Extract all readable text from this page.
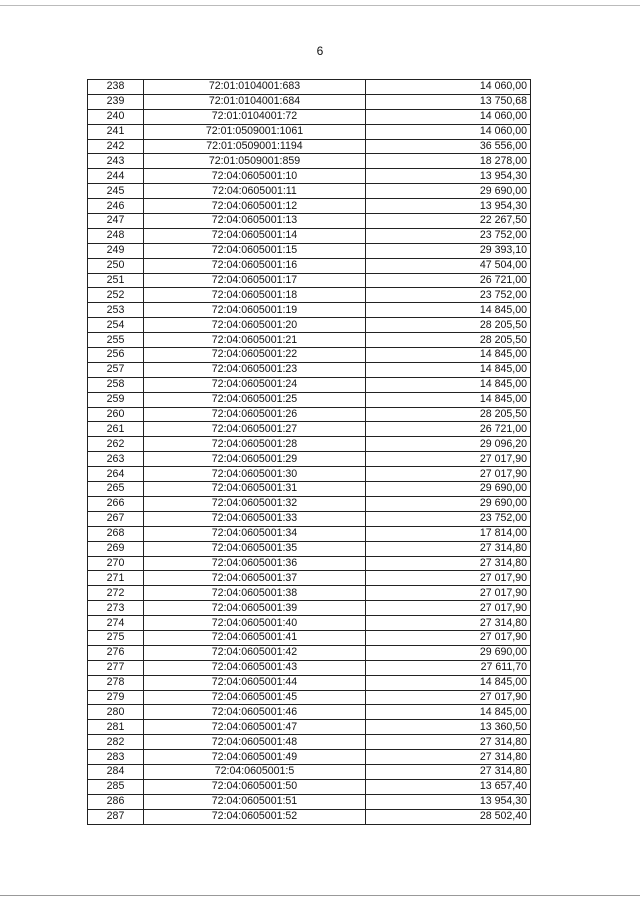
6
238	72:01:0104001:683	14 060,00
239	72:01:0104001:684	13 750,68
240	72:01:0104001:72	14 060,00
241	72:01:0509001:1061	14 060,00
242	72:01:0509001:1194	36 556,00
243	72:01:0509001:859	18 278,00
244	72:04:0605001:10	13 954,30
245	72:04:0605001:11	29 690,00
246	72:04:0605001:12	13 954,30
247	72:04:0605001:13	22 267,50
248	72:04:0605001:14	23 752,00
249	72:04:0605001:15	29 393,10
250	72:04:0605001:16	47 504,00
251	72:04:0605001:17	26 721,00
252	72:04:0605001:18	23 752,00
253	72:04:0605001:19	14 845,00
254	72:04:0605001:20	28 205,50
255	72:04:0605001:21	28 205,50
256	72:04:0605001:22	14 845,00
257	72:04:0605001:23	14 845,00
258	72:04:0605001:24	14 845,00
259	72:04:0605001:25	14 845,00
260	72:04:0605001:26	28 205,50
261	72:04:0605001:27	26 721,00
262	72:04:0605001:28	29 096,20
263	72:04:0605001:29	27 017,90
264	72:04:0605001:30	27 017,90
265	72:04:0605001:31	29 690,00
266	72:04:0605001:32	29 690,00
267	72:04:0605001:33	23 752,00
268	72:04:0605001:34	17 814,00
269	72:04:0605001:35	27 314,80
270	72:04:0605001:36	27 314,80
271	72:04:0605001:37	27 017,90
272	72:04:0605001:38	27 017,90
273	72:04:0605001:39	27 017,90
274	72:04:0605001:40	27 314,80
275	72:04:0605001:41	27 017,90
276	72:04:0605001:42	29 690,00
277	72:04:0605001:43	27 611,70
278	72:04:0605001:44	14 845,00
279	72:04:0605001:45	27 017,90
280	72:04:0605001:46	14 845,00
281	72:04:0605001:47	13 360,50
282	72:04:0605001:48	27 314,80
283	72:04:0605001:49	27 314,80
284	72:04:0605001:5	27 314,80
285	72:04:0605001:50	13 657,40
286	72:04:0605001:51	13 954,30
287	72:04:0605001:52	28 502,40
